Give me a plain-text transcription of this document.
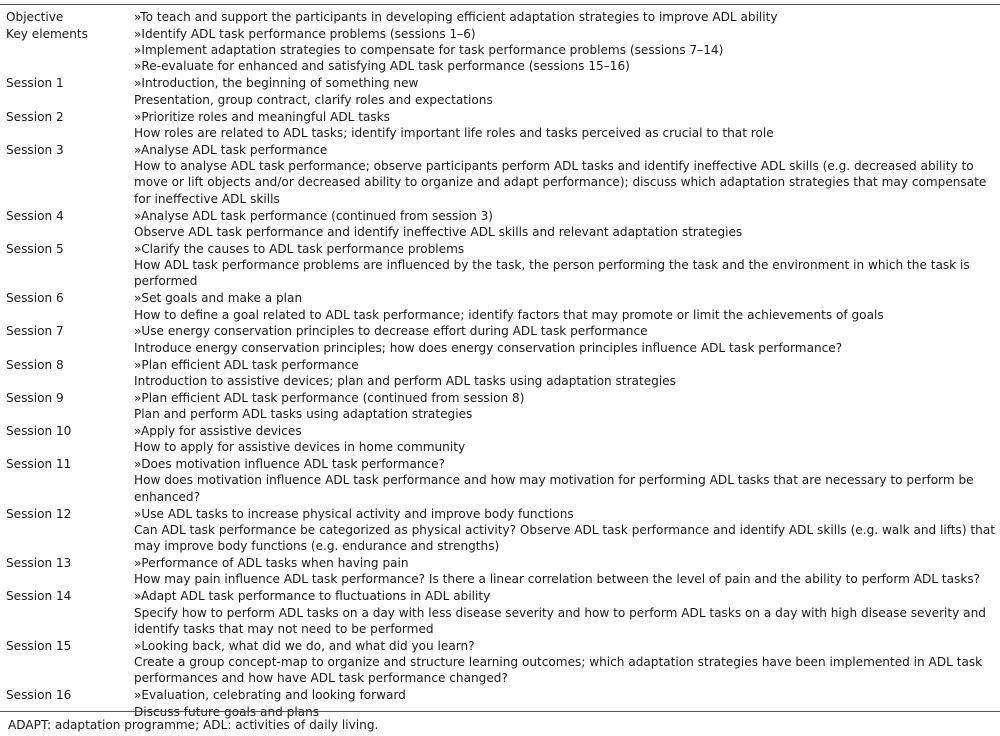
Objective	» To teach and support the participants in developing efficient adaptation strategies to improve ADL ability
Key elements	» Identify ADL task performance problems (sessions 1–6)
» Implement adaptation strategies to compensate for task performance problems (sessions 7–14)
» Re-evaluate for enhanced and satisfying ADL task performance (sessions 15–16)
Session 1	» Introduction, the beginning of something new
Presentation, group contract, clarify roles and expectations
Session 2	» Prioritize roles and meaningful ADL tasks
How roles are related to ADL tasks; identify important life roles and tasks perceived as crucial to that role
Session 3	» Analyse ADL task performance
How to analyse ADL task performance; observe participants perform ADL tasks and identify ineffective ADL skills (e.g. decreased ability to move or lift objects and/or decreased ability to organize and adapt performance); discuss which adaptation strategies that may compensate for ineffective ADL skills
Session 4	» Analyse ADL task performance (continued from session 3)
Observe ADL task performance and identify ineffective ADL skills and relevant adaptation strategies
Session 5	» Clarify the causes to ADL task performance problems
How ADL task performance problems are influenced by the task, the person performing the task and the environment in which the task is performed
Session 6	» Set goals and make a plan
How to define a goal related to ADL task performance; identify factors that may promote or limit the achievements of goals
Session 7	» Use energy conservation principles to decrease effort during ADL task performance
Introduce energy conservation principles; how does energy conservation principles influence ADL task performance?
Session 8	» Plan efficient ADL task performance
Introduction to assistive devices; plan and perform ADL tasks using adaptation strategies
Session 9	» Plan efficient ADL task performance (continued from session 8)
Plan and perform ADL tasks using adaptation strategies
Session 10	» Apply for assistive devices
How to apply for assistive devices in home community
Session 11	» Does motivation influence ADL task performance?
How does motivation influence ADL task performance and how may motivation for performing ADL tasks that are necessary to perform be enhanced?
Session 12	» Use ADL tasks to increase physical activity and improve body functions
Can ADL task performance be categorized as physical activity? Observe ADL task performance and identify ADL skills (e.g. walk and lifts) that may improve body functions (e.g. endurance and strengths)
Session 13	» Performance of ADL tasks when having pain
How may pain influence ADL task performance? Is there a linear correlation between the level of pain and the ability to perform ADL tasks?
Session 14	» Adapt ADL task performance to fluctuations in ADL ability
Specify how to perform ADL tasks on a day with less disease severity and how to perform ADL tasks on a day with high disease severity and identify tasks that may not need to be performed
Session 15	» Looking back, what did we do, and what did you learn?
Create a group concept-map to organize and structure learning outcomes; which adaptation strategies have been implemented in ADL task performances and how have ADL task performance changed?
Session 16	» Evaluation, celebrating and looking forward
Discuss future goals and plans
ADAPT: adaptation programme; ADL: activities of daily living.
